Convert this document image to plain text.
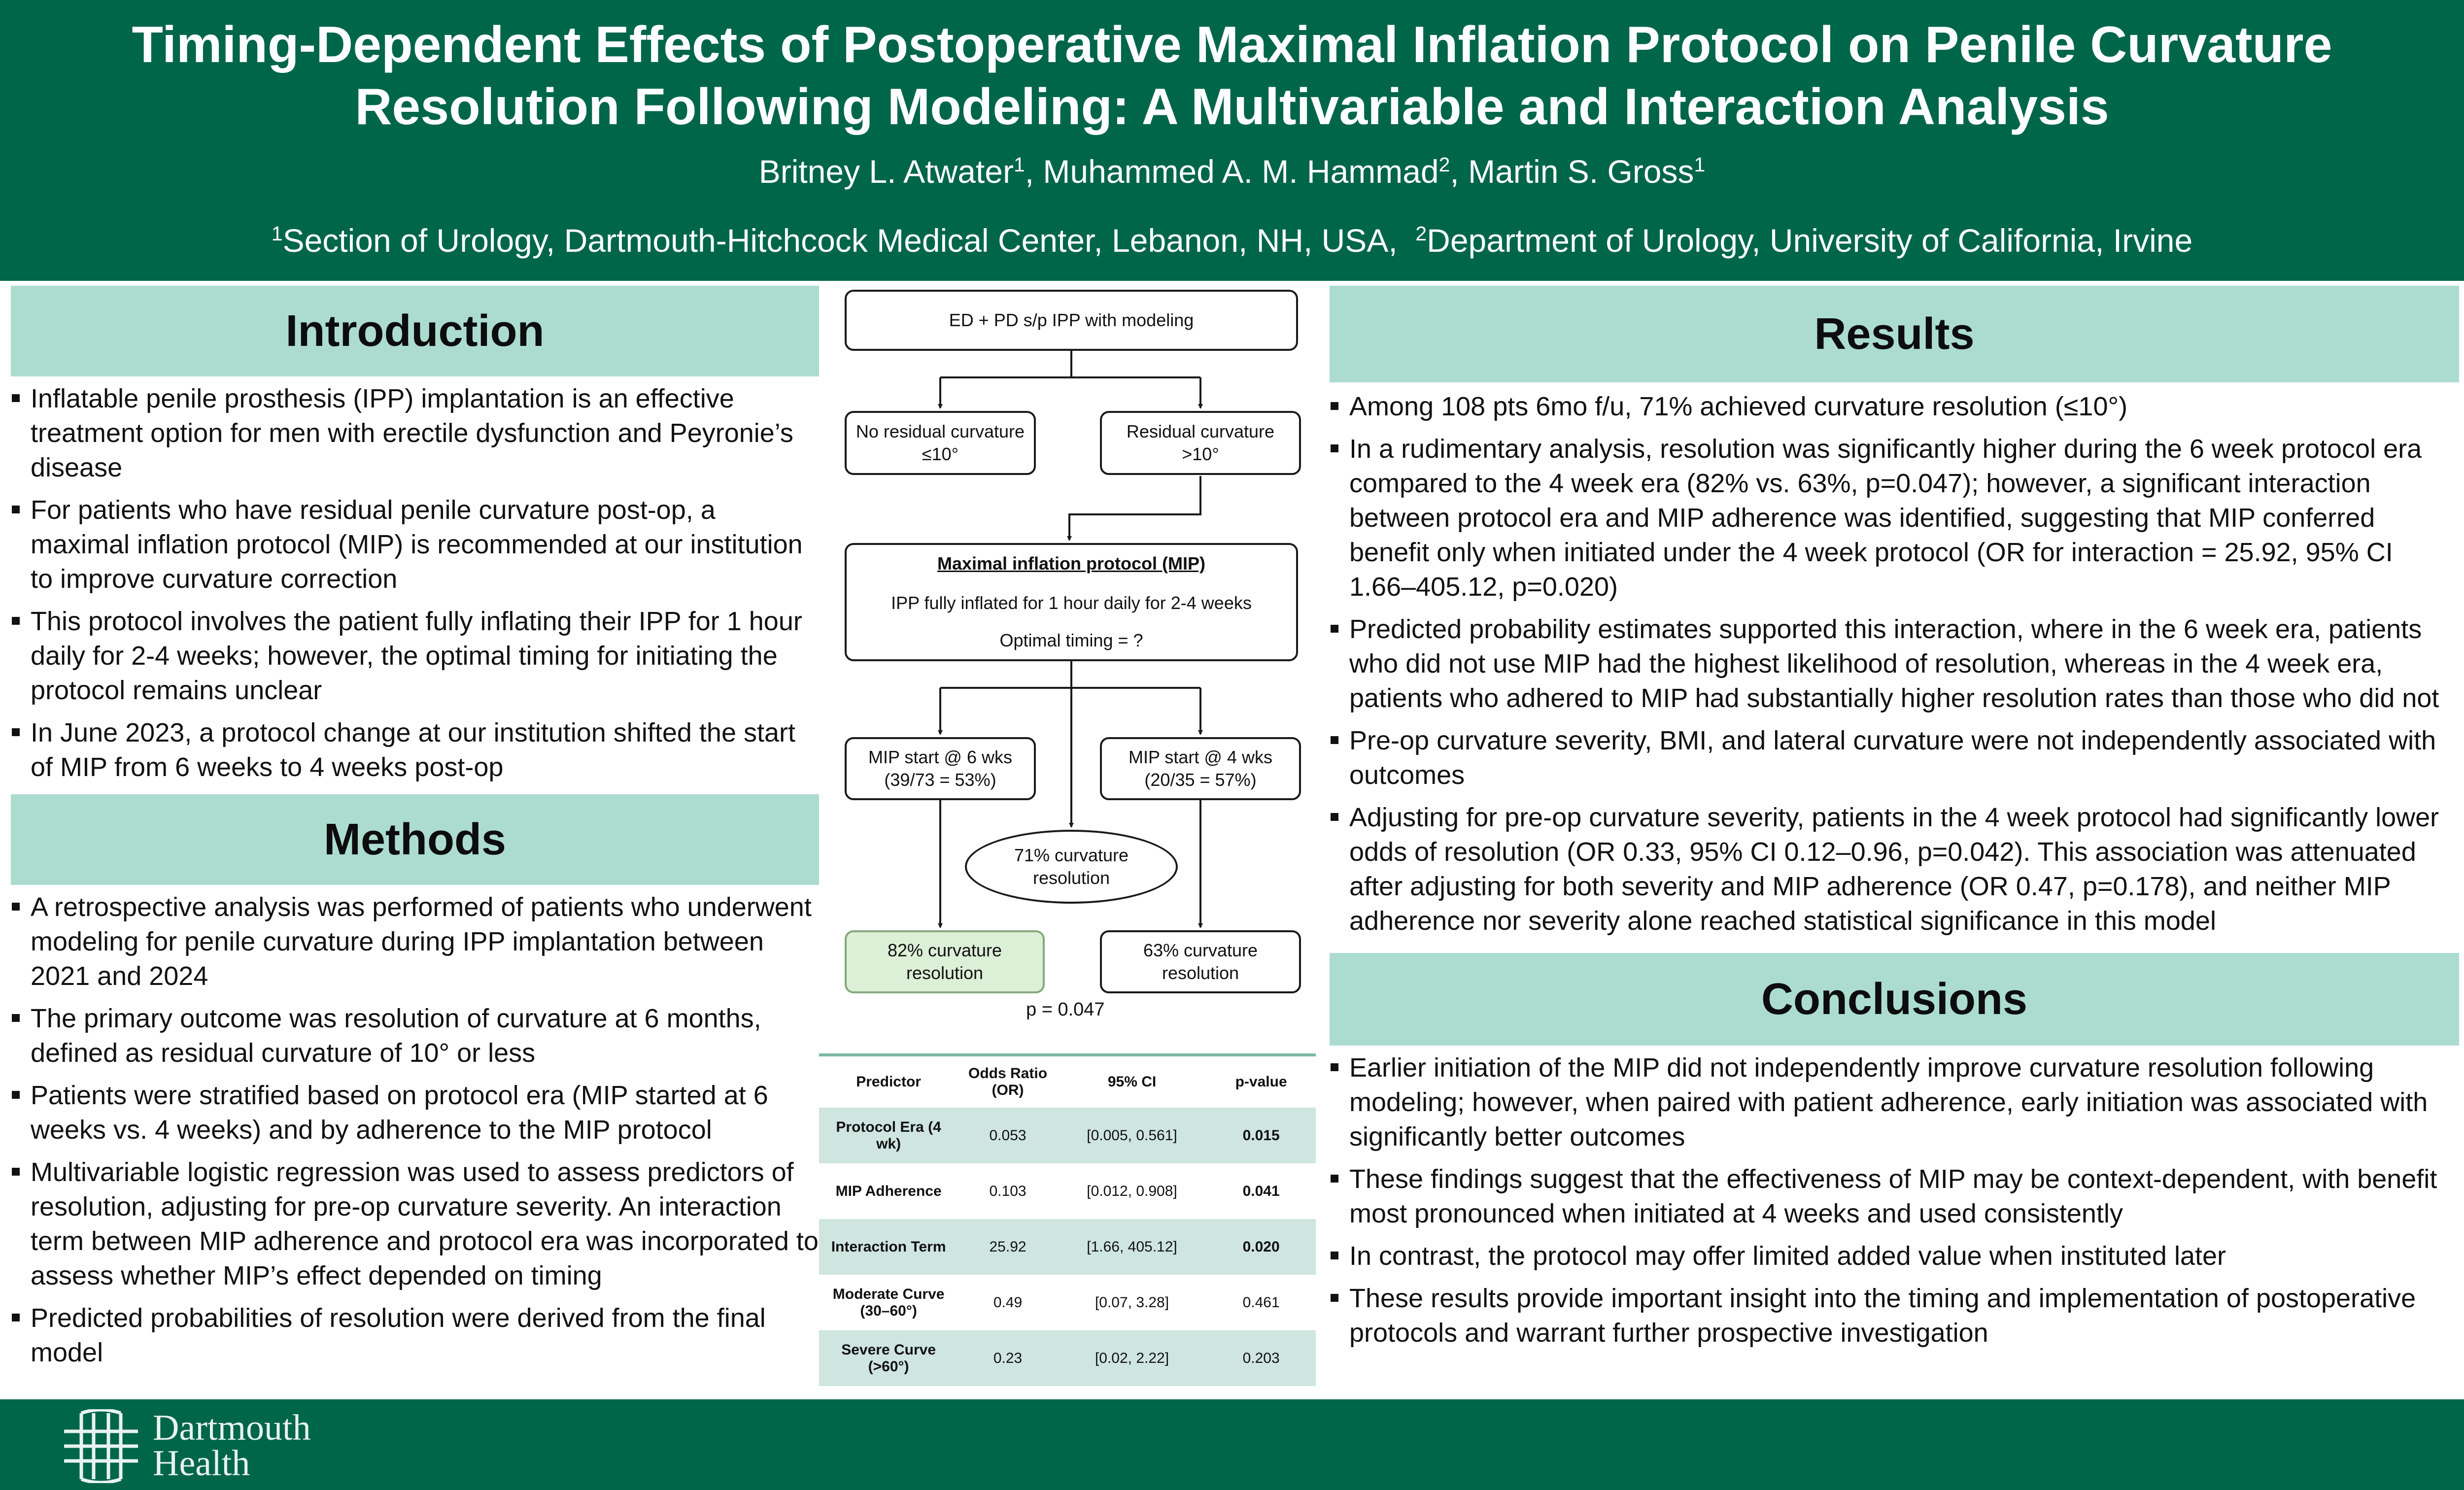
Timing-Dependent Effects of Postoperative Maximal Inflation Protocol on Penile Curvature
Resolution Following Modeling: A Multivariable and Interaction Analysis
Britney L. Atwater$^1$, Muhammed A. M. Hammad$^2$, Martin S. Gross$^1$
$^1$Section of Urology, Dartmouth-Hitchcock Medical Center, Lebanon, NH, USA, $^2$Department of Urology, University of California, Irvine
Introduction
Inflatable penile prosthesis (IPP) implantation is an effective treatment option for men with erectile dysfunction and Peyronie’s disease
For patients who have residual penile curvature post-op, a maximal inflation protocol (MIP) is recommended at our institution to improve curvature correction
This protocol involves the patient fully inflating their IPP for 1 hour daily for 2-4 weeks; however, the optimal timing for initiating the protocol remains unclear
In June 2023, a protocol change at our institution shifted the start of MIP from 6 weeks to 4 weeks post-op
Methods
A retrospective analysis was performed of patients who underwent modeling for penile curvature during IPP implantation between 2021 and 2024
The primary outcome was resolution of curvature at 6 months, defined as residual curvature of 10° or less
Patients were stratified based on protocol era (MIP started at 6 weeks vs. 4 weeks) and by adherence to the MIP protocol
Multivariable logistic regression was used to assess predictors of resolution, adjusting for pre-op curvature severity. An interaction term between MIP adherence and protocol era was incorporated to assess whether MIP’s effect depended on timing
Predicted probabilities of resolution were derived from the final model
ED + PD s/p IPP with modeling
No residual curvature
≤10°
Residual curvature
>10°
Maximal inflation protocol (MIP)
IPP fully inflated for 1 hour daily for 2-4 weeks
Optimal timing = ?
MIP start @ 6 wks
(39/73 = 53%)
MIP start @ 4 wks
(20/35 = 57%)
71% curvature
resolution
82% curvature
resolution
63% curvature
resolution
p = 0.047
Predictor	Odds Ratio (OR)	95% CI	p-value
Protocol Era (4 wk)	0.053	[0.005, 0.561]	0.015
MIP Adherence	0.103	[0.012, 0.908]	0.041
Interaction Term	25.92	[1.66, 405.12]	0.020
Moderate Curve (30–60°)	0.49	[0.07, 3.28]	0.461
Severe Curve (>60°)	0.23	[0.02, 2.22]	0.203
Results
Among 108 pts 6mo f/u, 71% achieved curvature resolution (≤10°)
In a rudimentary analysis, resolution was significantly higher during the 6 week protocol era compared to the 4 week era (82% vs. 63%, p=0.047); however, a significant interaction between protocol era and MIP adherence was identified, suggesting that MIP conferred benefit only when initiated under the 4 week protocol (OR for interaction = 25.92, 95% CI 1.66–405.12, p=0.020)
Predicted probability estimates supported this interaction, where in the 6 week era, patients who did not use MIP had the highest likelihood of resolution, whereas in the 4 week era, patients who adhered to MIP had substantially higher resolution rates than those who did not
Pre-op curvature severity, BMI, and lateral curvature were not independently associated with outcomes
Adjusting for pre-op curvature severity, patients in the 4 week protocol had significantly lower odds of resolution (OR 0.33, 95% CI 0.12–0.96, p=0.042). This association was attenuated after adjusting for both severity and MIP adherence (OR 0.47, p=0.178), and neither MIP adherence nor severity alone reached statistical significance in this model
Conclusions
Earlier initiation of the MIP did not independently improve curvature resolution following modeling; however, when paired with patient adherence, early initiation was associated with significantly better outcomes
These findings suggest that the effectiveness of MIP may be context-dependent, with benefit most pronounced when initiated at 4 weeks and used consistently
In contrast, the protocol may offer limited added value when instituted later
These results provide important insight into the timing and implementation of postoperative protocols and warrant further prospective investigation
Dartmouth
Health
